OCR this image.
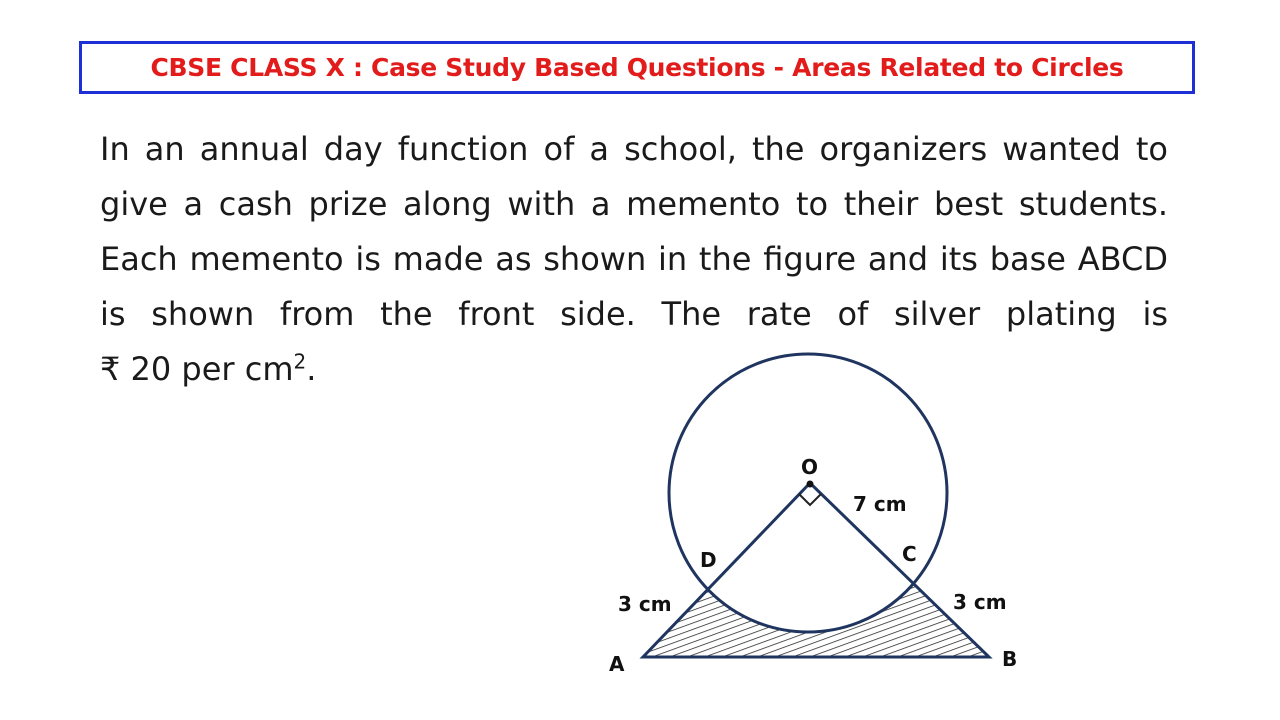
CBSE CLASS X : Case Study Based Questions - Areas Related to Circles
In an annual day function of a school, the organizers wanted to
give a cash prize along with a memento to their best students.
Each memento is made as shown in the figure and its base ABCD
is shown from the front side. The rate of silver plating is
₹ 20 per $cm^2$.
O
7 cm
D	C
3 cm	3 cm
A	B
